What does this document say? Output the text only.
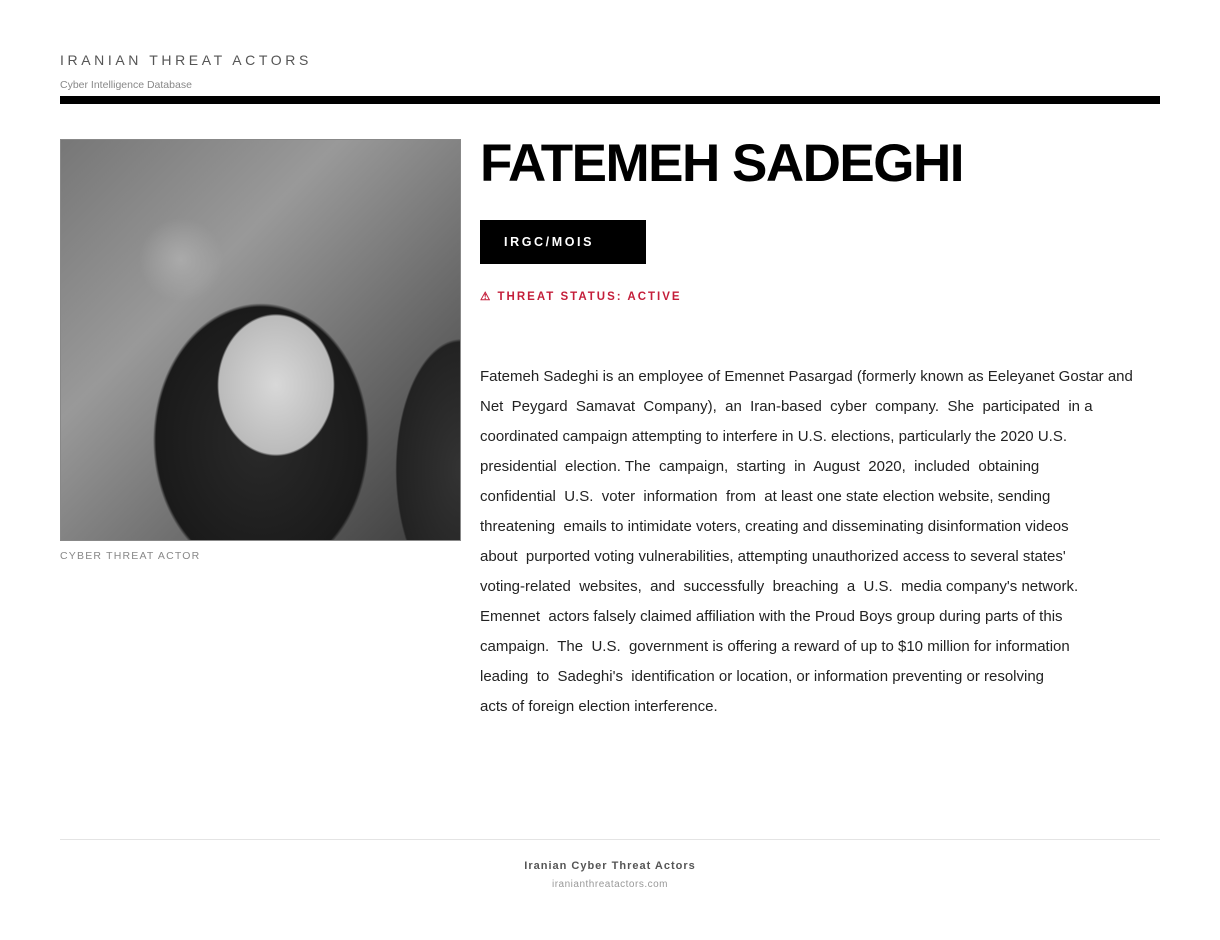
IRANIAN THREAT ACTORS
Cyber Intelligence Database
CYBER THREAT ACTOR
FATEMEH SADEGHI
IRGC/MOIS
⚠ THREAT STATUS: ACTIVE
Fatemeh Sadeghi is an employee of Emennet Pasargad (formerly known as Eeleyanet Gostar and
Net  Peygard  Samavat  Company),  an  Iran-based  cyber  company.  She  participated  in a
coordinated campaign attempting to interfere in U.S. elections, particularly the 2020 U.S.
presidential  election. The  campaign,  starting  in  August  2020,  included  obtaining
confidential  U.S.  voter  information  from  at least one state election website, sending
threatening  emails to intimidate voters, creating and disseminating disinformation videos
about  purported voting vulnerabilities, attempting unauthorized access to several states'
voting-related  websites,  and  successfully  breaching  a  U.S.  media company's network.
Emennet  actors falsely claimed affiliation with the Proud Boys group during parts of this
campaign.  The  U.S.  government is offering a reward of up to $10 million for information
leading  to  Sadeghi's  identification or location, or information preventing or resolving
acts of foreign election interference.
Iranian Cyber Threat Actors
iranianthreatactors.com
